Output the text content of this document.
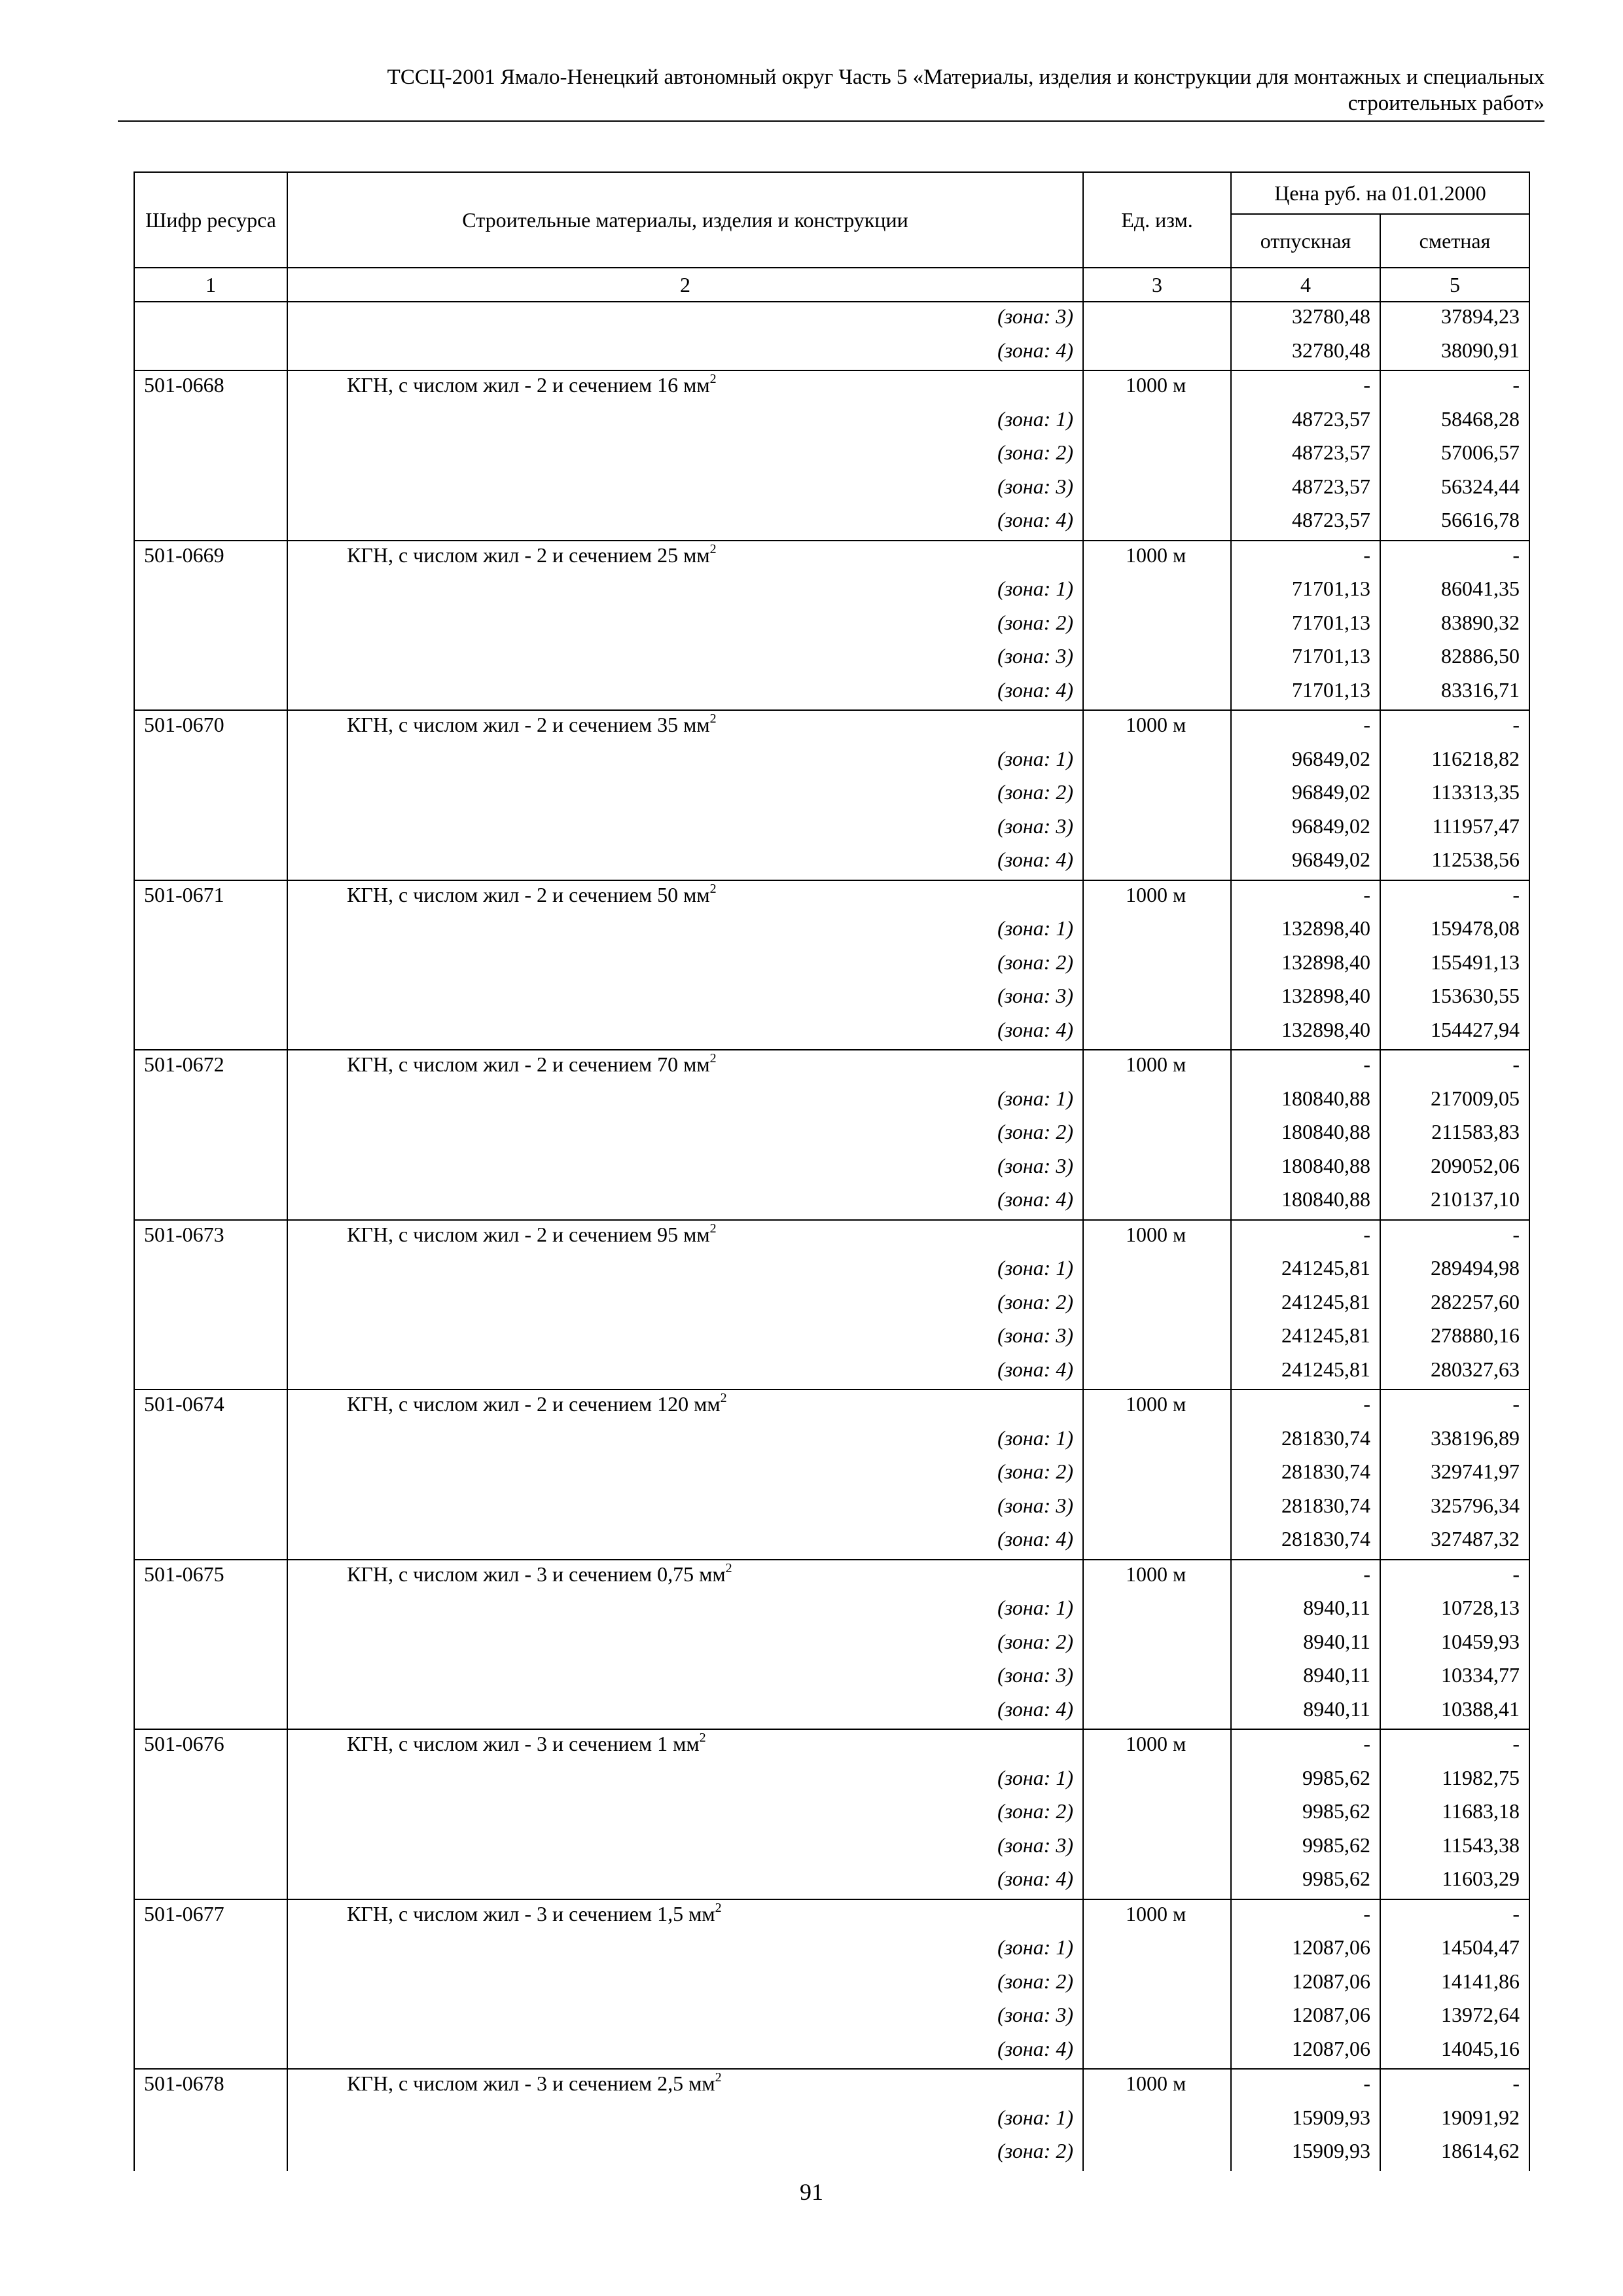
ТССЦ-2001 Ямало-Ненецкий автономный округ Часть 5 «Материалы, изделия и конструкции для монтажных и специальных
строительных работ»
Шифр ресурса	Строительные материалы, изделия и конструкции	Ед. изм.	Цена руб. на 01.01.2000	
			отпускная	сметная
1	2	3	4	5
	(зона: 3)		32780,48	37894,23
	(зона: 4)		32780,48	38090,91
501-0668	КГН, с числом жил - 2 и сечением 16 $мм^2$	1000 м	-	-
	(зона: 1)		48723,57	58468,28
	(зона: 2)		48723,57	57006,57
	(зона: 3)		48723,57	56324,44
	(зона: 4)		48723,57	56616,78
501-0669	КГН, с числом жил - 2 и сечением 25 $мм^2$	1000 м	-	-
	(зона: 1)		71701,13	86041,35
	(зона: 2)		71701,13	83890,32
	(зона: 3)		71701,13	82886,50
	(зона: 4)		71701,13	83316,71
501-0670	КГН, с числом жил - 2 и сечением 35 $мм^2$	1000 м	-	-
	(зона: 1)		96849,02	116218,82
	(зона: 2)		96849,02	113313,35
	(зона: 3)		96849,02	111957,47
	(зона: 4)		96849,02	112538,56
501-0671	КГН, с числом жил - 2 и сечением 50 $мм^2$	1000 м	-	-
	(зона: 1)		132898,40	159478,08
	(зона: 2)		132898,40	155491,13
	(зона: 3)		132898,40	153630,55
	(зона: 4)		132898,40	154427,94
501-0672	КГН, с числом жил - 2 и сечением 70 $мм^2$	1000 м	-	-
	(зона: 1)		180840,88	217009,05
	(зона: 2)		180840,88	211583,83
	(зона: 3)		180840,88	209052,06
	(зона: 4)		180840,88	210137,10
501-0673	КГН, с числом жил - 2 и сечением 95 $мм^2$	1000 м	-	-
	(зона: 1)		241245,81	289494,98
	(зона: 2)		241245,81	282257,60
	(зона: 3)		241245,81	278880,16
	(зона: 4)		241245,81	280327,63
501-0674	КГН, с числом жил - 2 и сечением 120 $мм^2$	1000 м	-	-
	(зона: 1)		281830,74	338196,89
	(зона: 2)		281830,74	329741,97
	(зона: 3)		281830,74	325796,34
	(зона: 4)		281830,74	327487,32
501-0675	КГН, с числом жил - 3 и сечением 0,75 $мм^2$	1000 м	-	-
	(зона: 1)		8940,11	10728,13
	(зона: 2)		8940,11	10459,93
	(зона: 3)		8940,11	10334,77
	(зона: 4)		8940,11	10388,41
501-0676	КГН, с числом жил - 3 и сечением 1 $мм^2$	1000 м	-	-
	(зона: 1)		9985,62	11982,75
	(зона: 2)		9985,62	11683,18
	(зона: 3)		9985,62	11543,38
	(зона: 4)		9985,62	11603,29
501-0677	КГН, с числом жил - 3 и сечением 1,5 $мм^2$	1000 м	-	-
	(зона: 1)		12087,06	14504,47
	(зона: 2)		12087,06	14141,86
	(зона: 3)		12087,06	13972,64
	(зона: 4)		12087,06	14045,16
501-0678	КГН, с числом жил - 3 и сечением 2,5 $мм^2$	1000 м	-	-
	(зона: 1)		15909,93	19091,92
	(зона: 2)		15909,93	18614,62
91
